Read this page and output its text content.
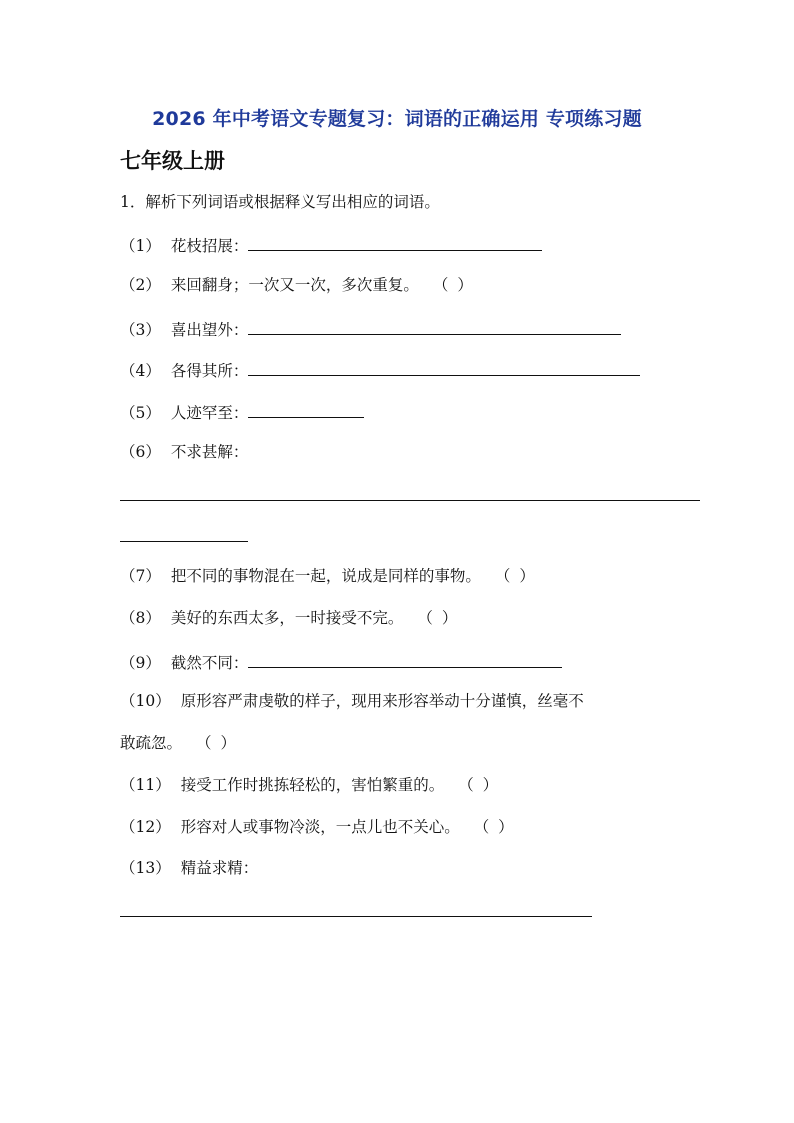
2026 年中考语文专题复习：词语的正确运用 专项练习题
七年级上册
1．解析下列词语或根据释义写出相应的词语。
（1） 花枝招展：
（2） 来回翻身；一次又一次，多次重复。 （ ）
（3） 喜出望外：
（4） 各得其所：
（5） 人迹罕至：
（6） 不求甚解：
（7） 把不同的事物混在一起，说成是同样的事物。 （ ）
（8） 美好的东西太多，一时接受不完。 （ ）
（9） 截然不同：
（10） 原形容严肃虔敬的样子，现用来形容举动十分谨慎，丝毫不
敢疏忽。 （ ）
（11） 接受工作时挑拣轻松的，害怕繁重的。 （ ）
（12） 形容对人或事物冷淡，一点儿也不关心。 （ ）
（13） 精益求精：
